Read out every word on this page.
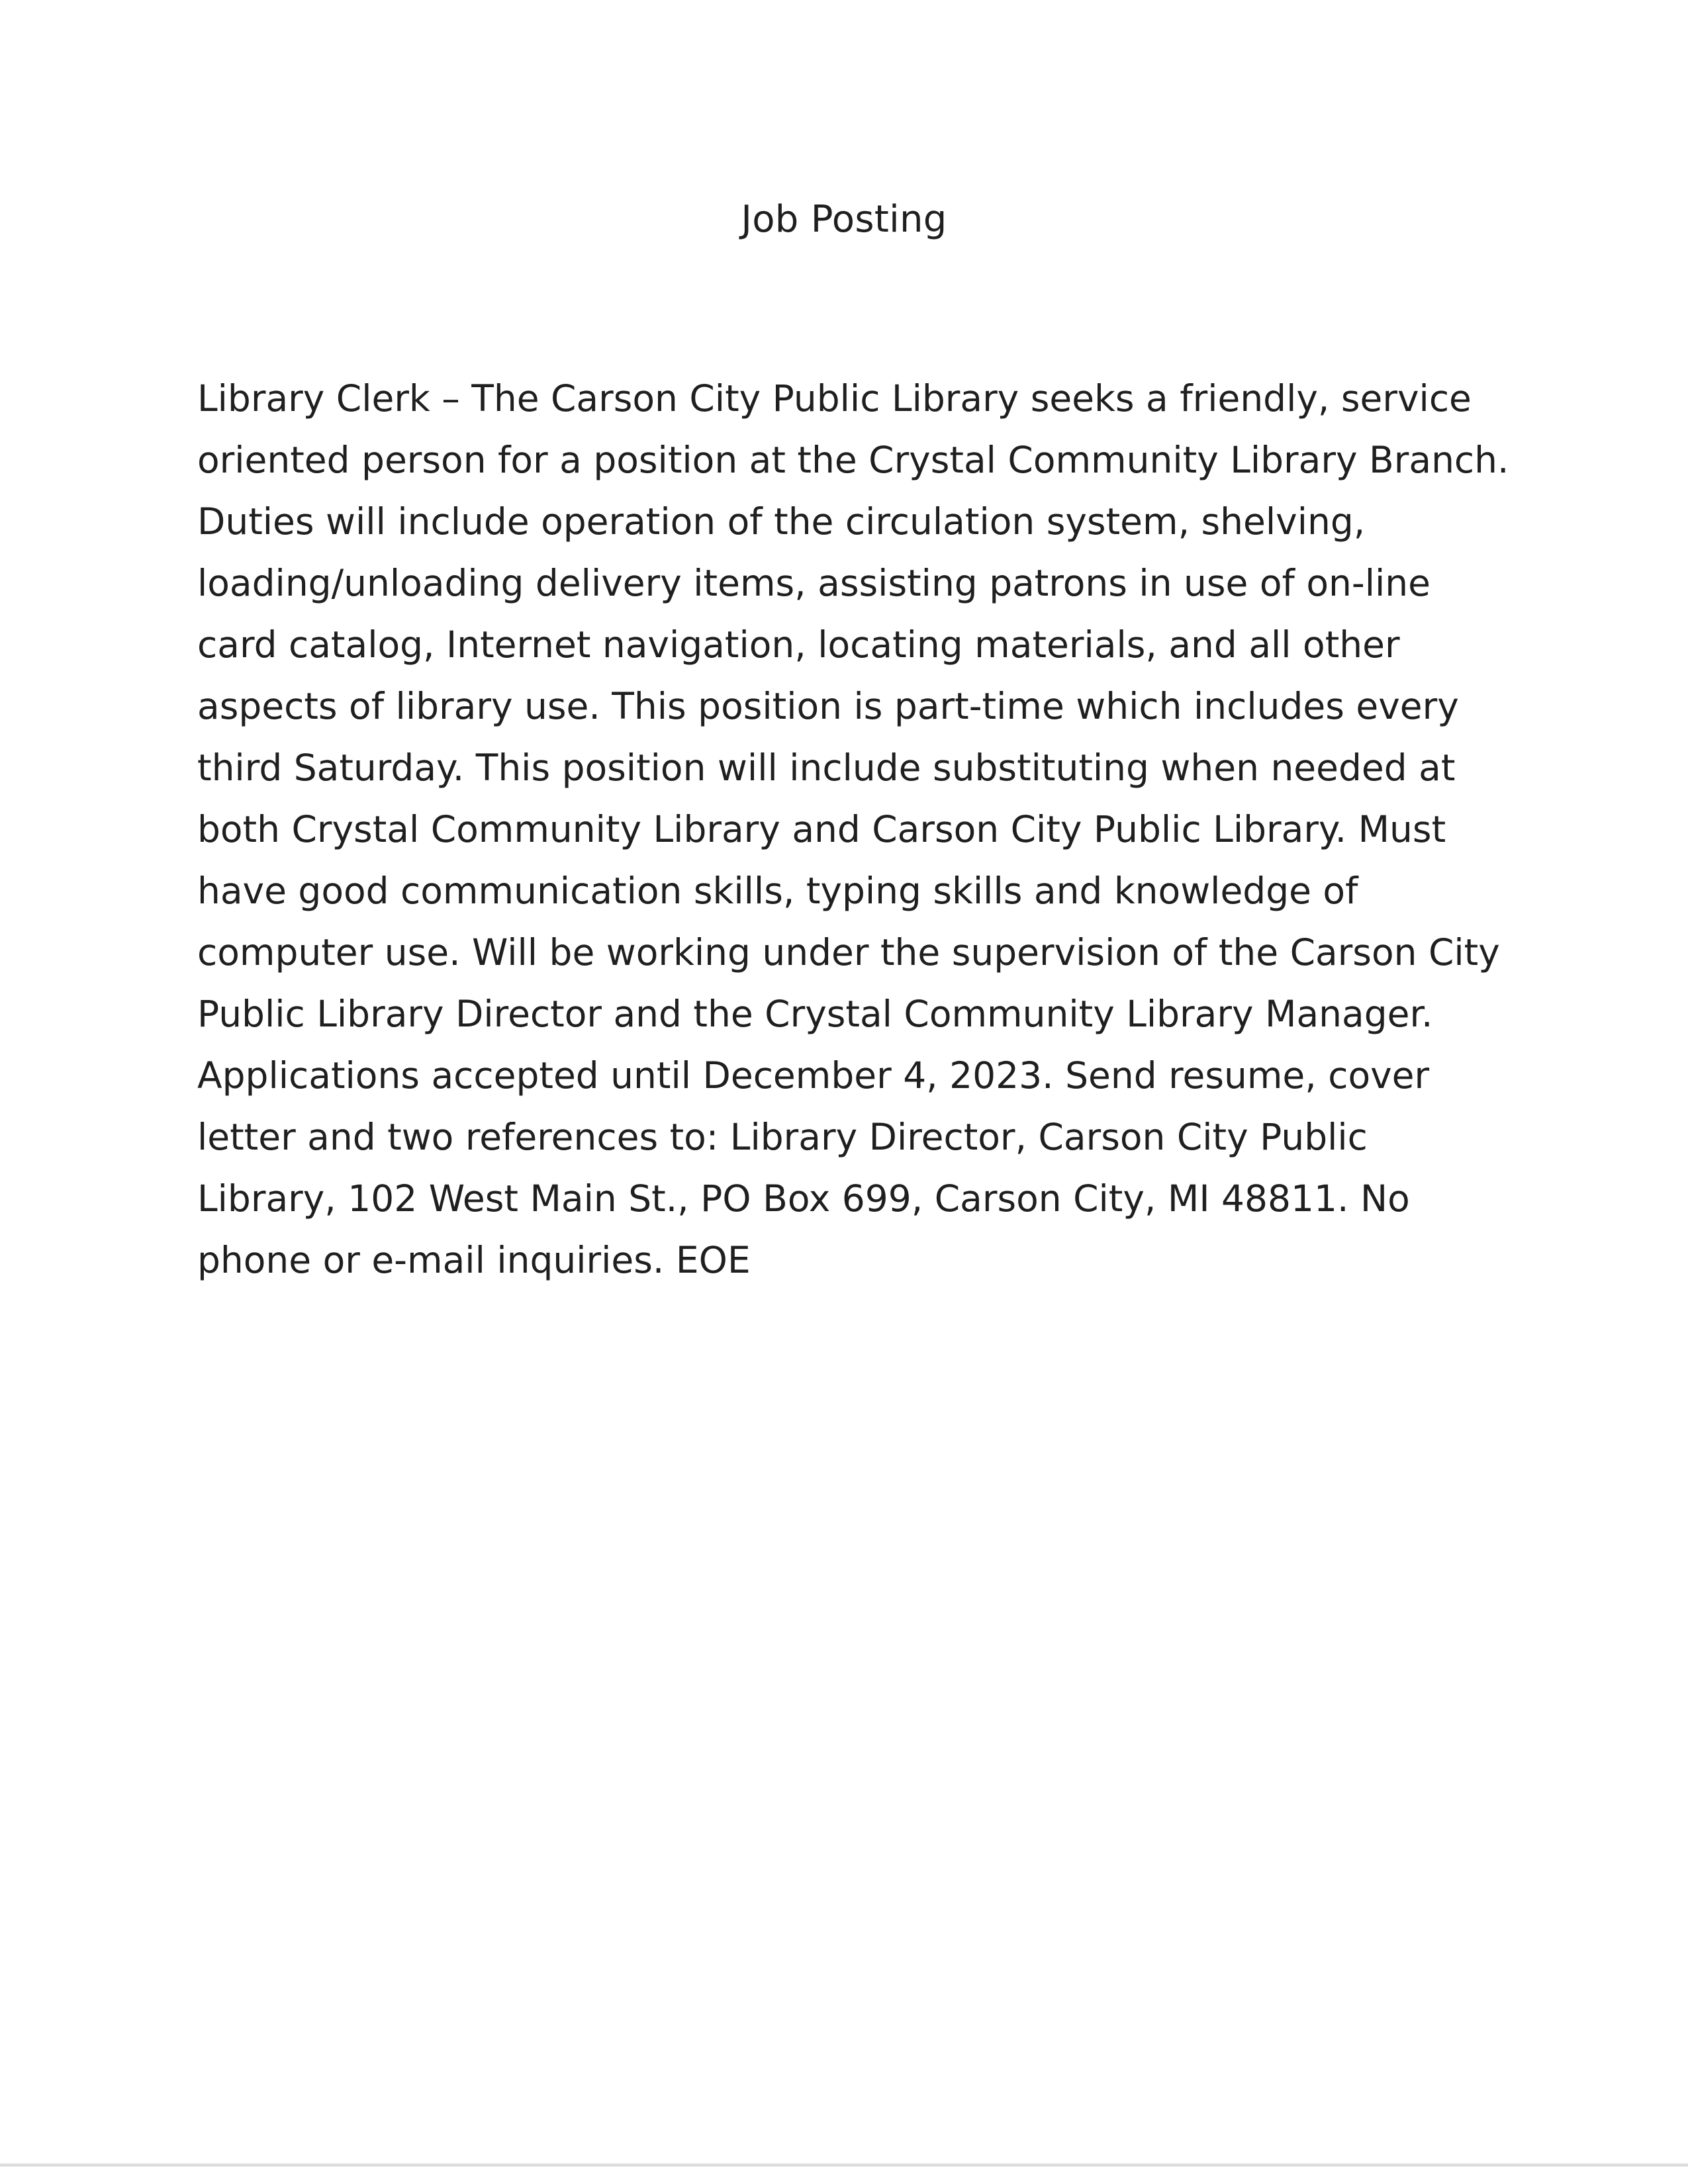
Job Posting

Library Clerk – The Carson City Public Library seeks a friendly, service
oriented person for a position at the Crystal Community Library Branch.
Duties will include operation of the circulation system, shelving,
loading/unloading delivery items, assisting patrons in use of on-line
card catalog, Internet navigation, locating materials, and all other
aspects of library use. This position is part-time which includes every
third Saturday. This position will include substituting when needed at
both Crystal Community Library and Carson City Public Library. Must
have good communication skills, typing skills and knowledge of
computer use. Will be working under the supervision of the Carson City
Public Library Director and the Crystal Community Library Manager.
Applications accepted until December 4, 2023. Send resume, cover
letter and two references to: Library Director, Carson City Public
Library, 102 West Main St., PO Box 699, Carson City, MI 48811. No
phone or e-mail inquiries. EOE
